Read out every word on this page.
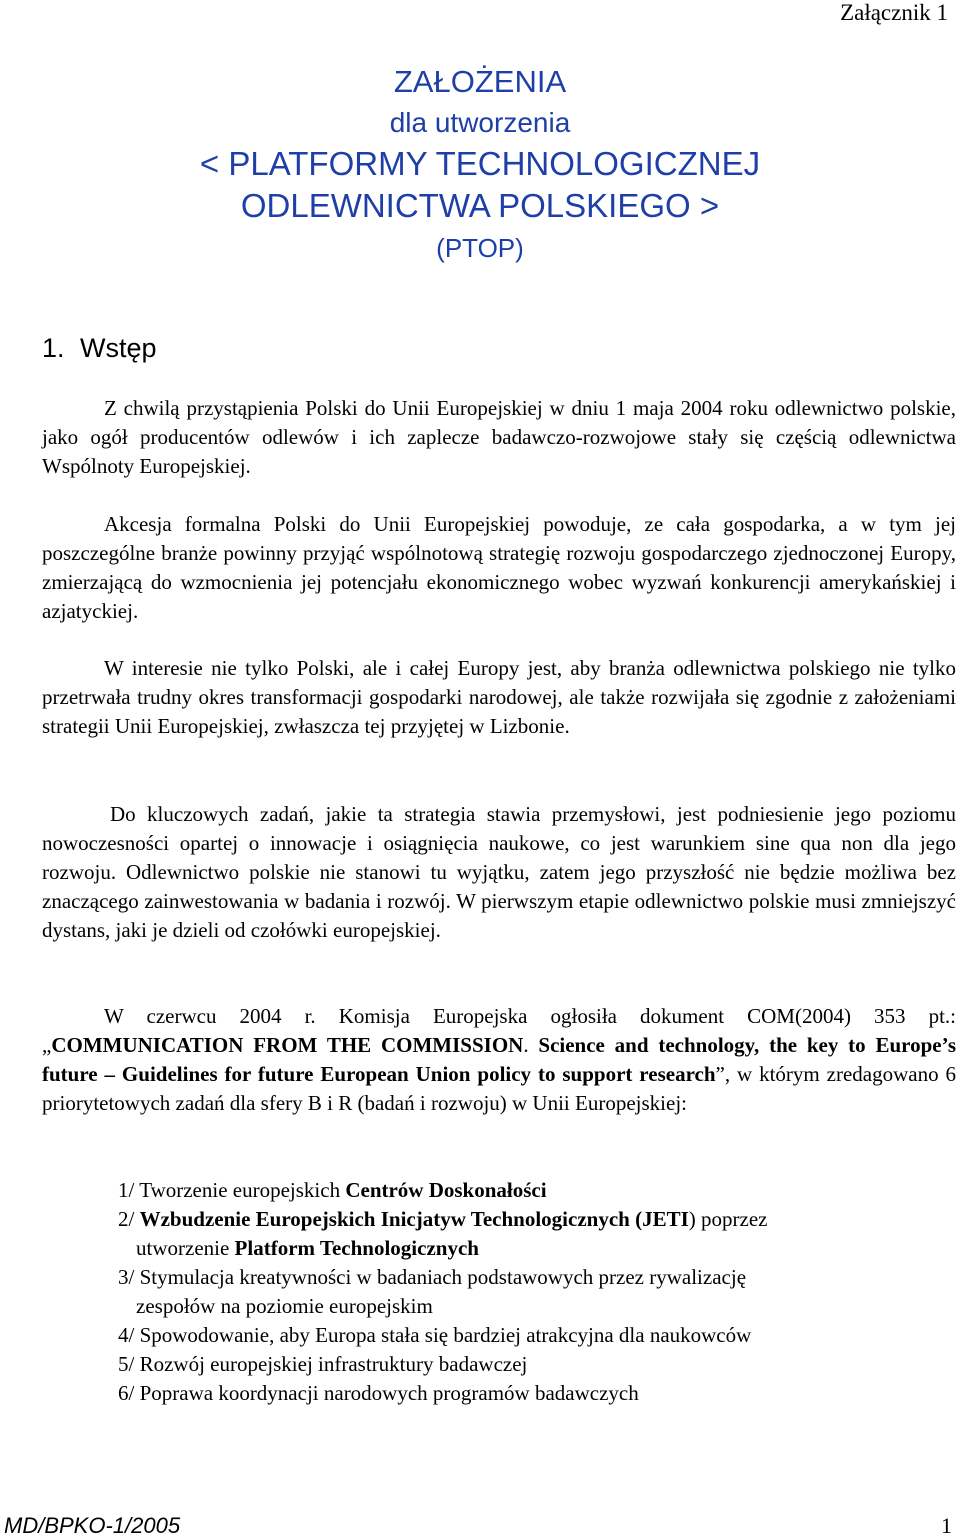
Załącznik 1
ZAŁOŻENIA
dla utworzenia
< PLATFORMY TECHNOLOGICZNEJ
ODLEWNICTWA POLSKIEGO >
(PTOP)
1. Wstęp

Z chwilą przystąpienia Polski do Unii Europejskiej w dniu 1 maja 2004 roku odlewnictwo polskie, jako ogół producentów odlewów i ich zaplecze badawczo-rozwojowe stały się częścią odlewnictwa Wspólnoty Europejskiej.

Akcesja formalna Polski do Unii Europejskiej powoduje, ze cała gospodarka, a w tym jej poszczególne branże powinny przyjąć wspólnotową strategię rozwoju gospodarczego zjednoczonej Europy, zmierzającą do wzmocnienia jej potencjału ekonomicznego wobec wyzwań konkurencji amerykańskiej i azjatyckiej.

W interesie nie tylko Polski, ale i całej Europy jest, aby branża odlewnictwa polskiego nie tylko przetrwała trudny okres transformacji gospodarki narodowej, ale także rozwijała się zgodnie z założeniami strategii Unii Europejskiej, zwłaszcza tej przyjętej w Lizbonie.

Do kluczowych zadań, jakie ta strategia stawia przemysłowi, jest podniesienie jego poziomu nowoczesności opartej o innowacje i osiągnięcia naukowe, co jest warunkiem sine qua non dla jego rozwoju. Odlewnictwo polskie nie stanowi tu wyjątku, zatem jego przyszłość nie będzie możliwa bez znaczącego zainwestowania w badania i rozwój. W pierwszym etapie odlewnictwo polskie musi zmniejszyć dystans, jaki je dzieli od czołówki europejskiej.

W czerwcu 2004 r. Komisja Europejska ogłosiła dokument COM(2004) 353 pt.: „COMMUNICATION FROM THE COMMISSION. Science and technology, the key to Europe’s future – Guidelines for future European Union policy to support research”, w którym zredagowano 6 priorytetowych zadań dla sfery B i R (badań i rozwoju) w Unii Europejskiej:

1/ Tworzenie europejskich Centrów Doskonałości
2/ Wzbudzenie Europejskich Inicjatyw Technologicznych (JETI) poprzez
utworzenie Platform Technologicznych
3/ Stymulacja kreatywności w badaniach podstawowych przez rywalizację
zespołów na poziomie europejskim
4/ Spowodowanie, aby Europa stała się bardziej atrakcyjna dla naukowców
5/ Rozwój europejskiej infrastruktury badawczej
6/ Poprawa koordynacji narodowych programów badawczych
MD/BPKO-1/2005	1
